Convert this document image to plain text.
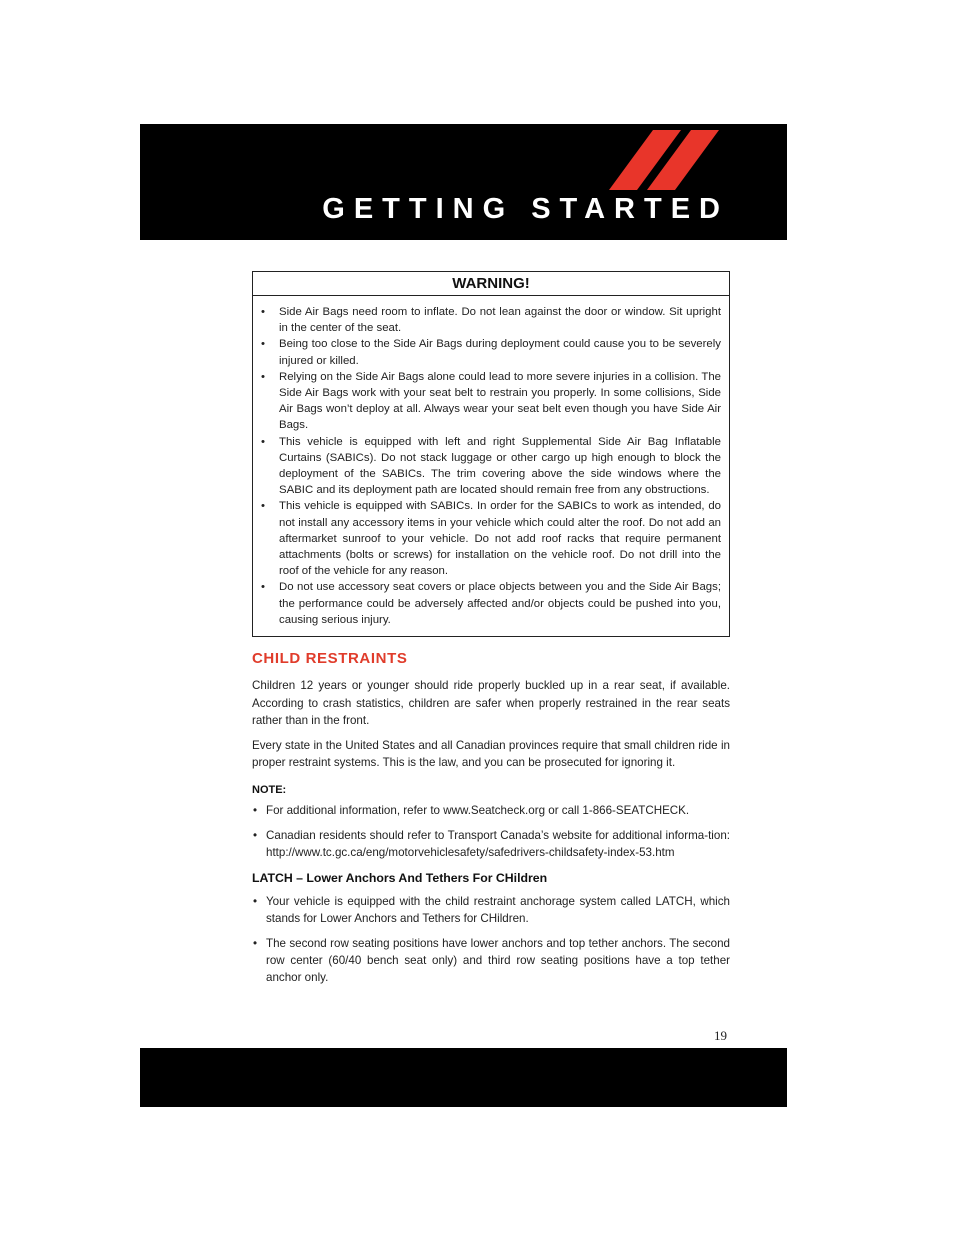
GETTING STARTED
WARNING!
• Side Air Bags need room to inflate. Do not lean against the door or window. Sit upright in the center of the seat.
• Being too close to the Side Air Bags during deployment could cause you to be severely injured or killed.
• Relying on the Side Air Bags alone could lead to more severe injuries in a collision. The Side Air Bags work with your seat belt to restrain you properly. In some collisions, Side Air Bags won’t deploy at all. Always wear your seat belt even though you have Side Air Bags.
• This vehicle is equipped with left and right Supplemental Side Air Bag Inflatable Curtains (SABICs). Do not stack luggage or other cargo up high enough to block the deployment of the SABICs. The trim covering above the side windows where the SABIC and its deployment path are located should remain free from any obstructions.
• This vehicle is equipped with SABICs. In order for the SABICs to work as intended, do not install any accessory items in your vehicle which could alter the roof. Do not add an aftermarket sunroof to your vehicle. Do not add roof racks that require permanent attachments (bolts or screws) for installation on the vehicle roof. Do not drill into the roof of the vehicle for any reason.
• Do not use accessory seat covers or place objects between you and the Side Air Bags; the performance could be adversely affected and/or objects could be pushed into you, causing serious injury.
CHILD RESTRAINTS

Children 12 years or younger should ride properly buckled up in a rear seat, if available. According to crash statistics, children are safer when properly restrained in the rear seats rather than in the front.

Every state in the United States and all Canadian provinces require that small children ride in proper restraint systems. This is the law, and you can be prosecuted for ignoring it.

NOTE:
• For additional information, refer to www.Seatcheck.org or call 1-866-SEATCHECK.
• Canadian residents should refer to Transport Canada’s website for additional informa-tion: http://www.tc.gc.ca/eng/motorvehiclesafety/safedrivers-childsafety-index-53.htm
LATCH – Lower Anchors And Tethers For CHildren
• Your vehicle is equipped with the child restraint anchorage system called LATCH, which stands for Lower Anchors and Tethers for CHildren.
• The second row seating positions have lower anchors and top tether anchors. The second row center (60/40 bench seat only) and third row seating positions have a top tether anchor only.
19
